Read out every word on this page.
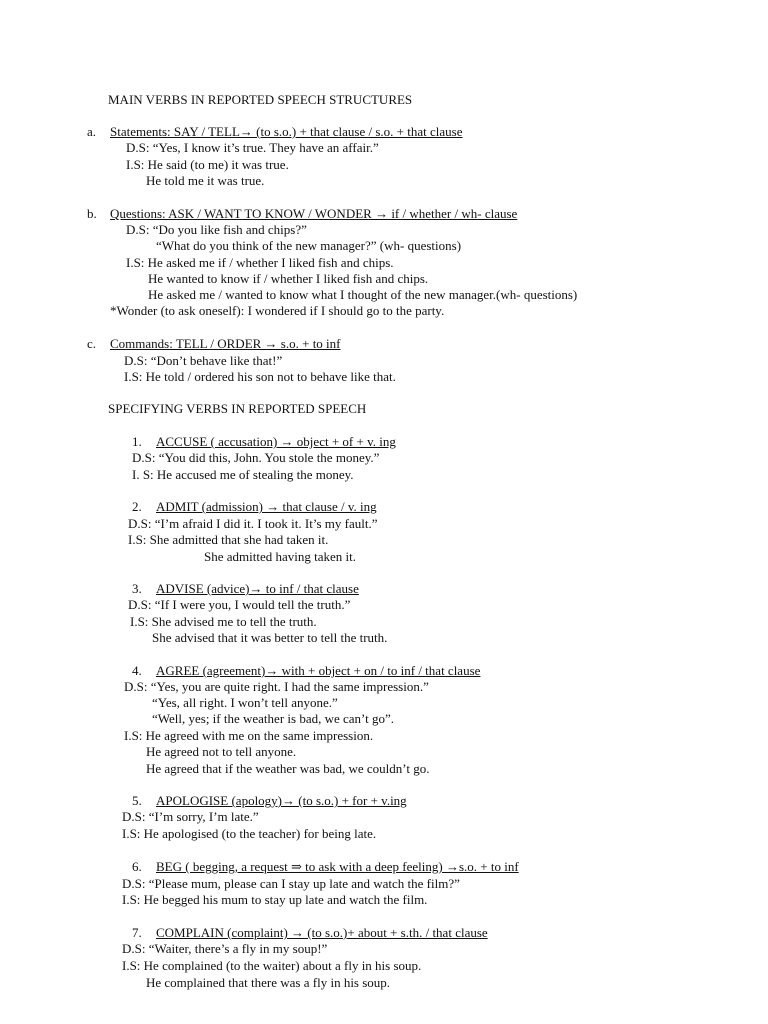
MAIN VERBS IN REPORTED SPEECH STRUCTURES
a. Statements: SAY / TELL→ (to s.o.) + that clause / s.o. + that clause
D.S: “Yes, I know it’s true. They have an affair.”
I.S: He said (to me) it was true.
He told me it was true.
b. Questions: ASK / WANT TO KNOW / WONDER → if / whether / wh- clause
D.S: “Do you like fish and chips?”
“What do you think of the new manager?” (wh- questions)
I.S: He asked me if / whether I liked fish and chips.
He wanted to know if / whether I liked fish and chips.
He asked me / wanted to know what I thought of the new manager.(wh- questions)
*Wonder (to ask oneself): I wondered if I should go to the party.
c. Commands: TELL / ORDER → s.o. + to inf
D.S: “Don’t behave like that!”
I.S: He told / ordered his son not to behave like that.
SPECIFYING VERBS IN REPORTED SPEECH
1. ACCUSE ( accusation) → object + of + v. ing
D.S: “You did this, John. You stole the money.”
I. S: He accused me of stealing the money.
2. ADMIT (admission) → that clause / v. ing
D.S: “I’m afraid I did it. I took it. It’s my fault.”
I.S: She admitted that she had taken it.
She admitted having taken it.
3. ADVISE (advice)→ to inf / that clause
D.S: “If I were you, I would tell the truth.”
I.S: She advised me to tell the truth.
She advised that it was better to tell the truth.
4. AGREE (agreement)→ with + object + on / to inf / that clause
D.S: “Yes, you are quite right. I had the same impression.”
“Yes, all right. I won’t tell anyone.”
“Well, yes; if the weather is bad, we can’t go”.
I.S: He agreed with me on the same impression.
He agreed not to tell anyone.
He agreed that if the weather was bad, we couldn’t go.
5. APOLOGISE (apology)→ (to s.o.) + for + v.ing
D.S: “I’m sorry, I’m late.”
I.S: He apologised (to the teacher) for being late.
6. BEG ( begging, a request ⇒ to ask with a deep feeling) →s.o. + to inf
D.S: “Please mum, please can I stay up late and watch the film?”
I.S: He begged his mum to stay up late and watch the film.
7. COMPLAIN (complaint) → (to s.o.)+ about + s.th. / that clause
D.S: “Waiter, there’s a fly in my soup!”
I.S: He complained (to the waiter) about a fly in his soup.
He complained that there was a fly in his soup.
